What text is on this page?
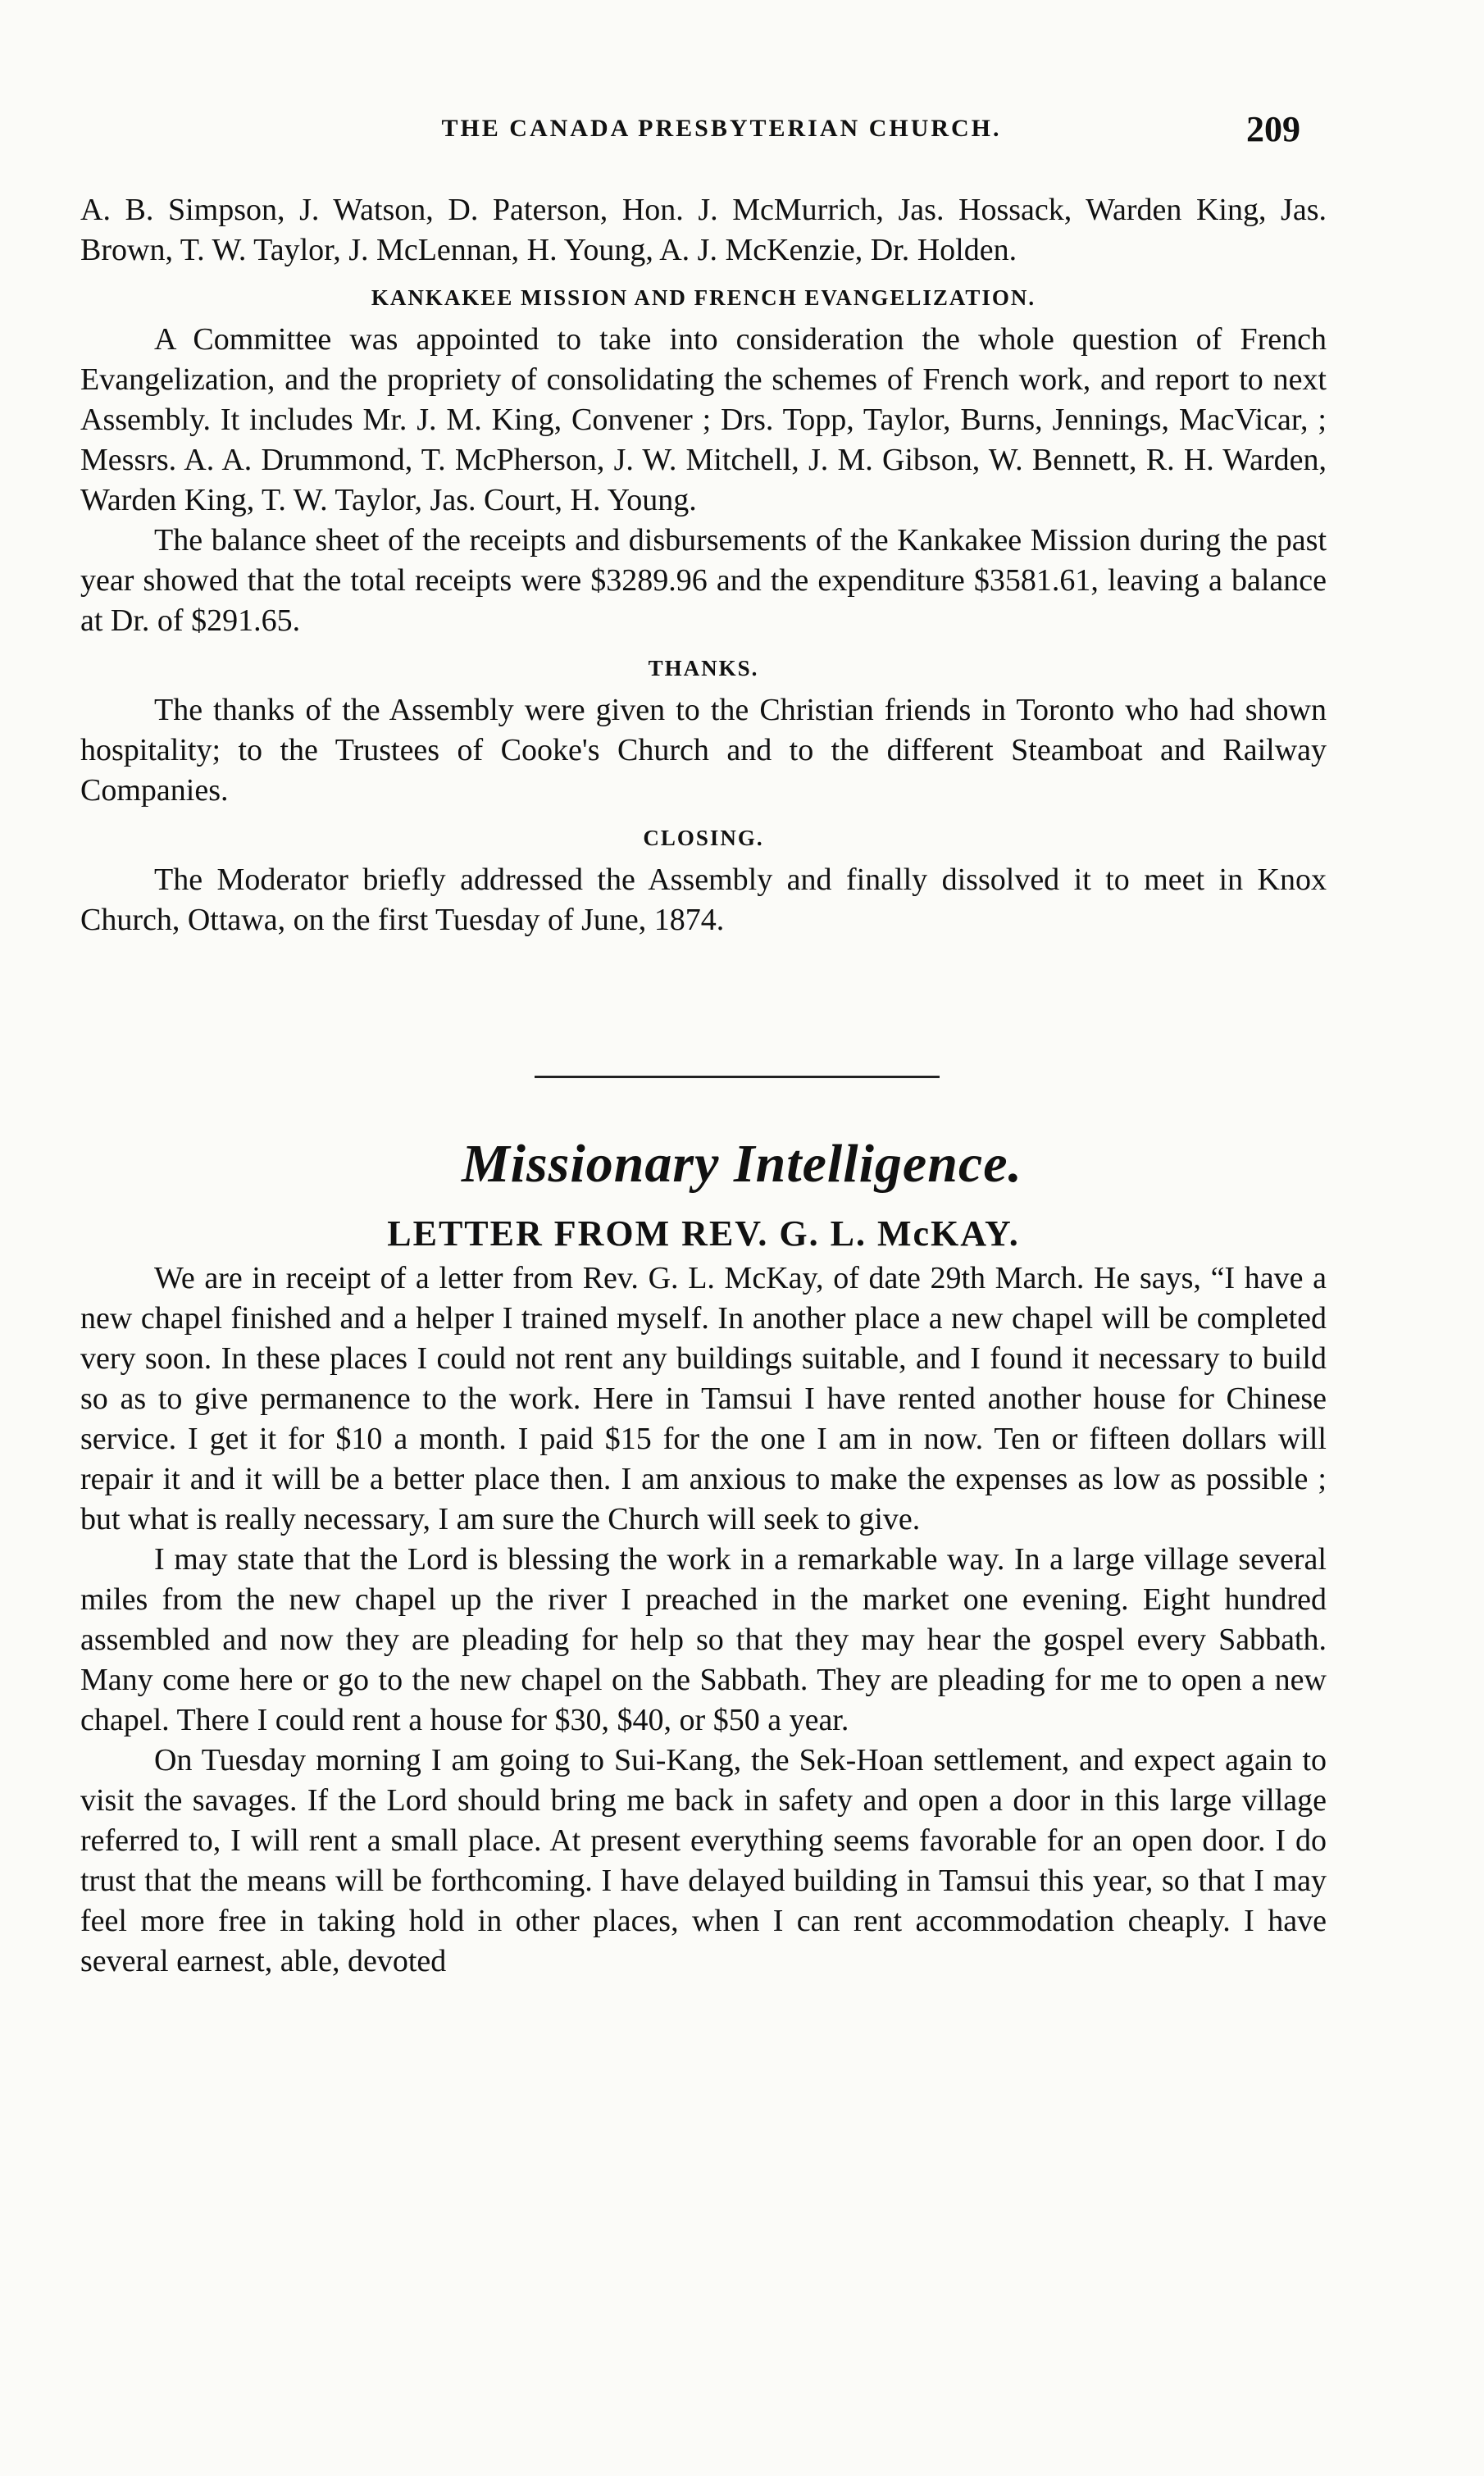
THE CANADA PRESBYTERIAN CHURCH.	209

A. B. Simpson, J. Watson, D. Paterson, Hon. J. McMurrich, Jas. Hossack, Warden King, Jas. Brown, T. W. Taylor, J. McLennan, H. Young, A. J. McKenzie, Dr. Holden.

KANKAKEE MISSION AND FRENCH EVANGELIZATION.

A Committee was appointed to take into consideration the whole question of French Evangelization, and the propriety of consolidating the schemes of French work, and report to next Assembly. It includes Mr. J. M. King, Convener ; Drs. Topp, Taylor, Burns, Jennings, MacVicar, ; Messrs. A. A. Drummond, T. McPherson, J. W. Mitchell, J. M. Gibson, W. Bennett, R. H. Warden, Warden King, T. W. Taylor, Jas. Court, H. Young.

The balance sheet of the receipts and disbursements of the Kankakee Mission during the past year showed that the total receipts were $3289.96 and the expenditure $3581.61, leaving a balance at Dr. of $291.65.

THANKS.

The thanks of the Assembly were given to the Christian friends in Toronto who had shown hospitality; to the Trustees of Cooke's Church and to the different Steamboat and Railway Companies.

CLOSING.

The Moderator briefly addressed the Assembly and finally dissolved it to meet in Knox Church, Ottawa, on the first Tuesday of June, 1874.

Missionary Intelligence.
LETTER FROM REV. G. L. McKAY.

We are in receipt of a letter from Rev. G. L. McKay, of date 29th March. He says, “I have a new chapel finished and a helper I trained myself. In another place a new chapel will be completed very soon. In these places I could not rent any buildings suitable, and I found it necessary to build so as to give permanence to the work. Here in Tamsui I have rented another house for Chinese service. I get it for $10 a month. I paid $15 for the one I am in now. Ten or fifteen dollars will repair it and it will be a better place then. I am anxious to make the expenses as low as possible ; but what is really necessary, I am sure the Church will seek to give.

I may state that the Lord is blessing the work in a remarkable way. In a large village several miles from the new chapel up the river I preached in the market one evening. Eight hundred assembled and now they are pleading for help so that they may hear the gospel every Sabbath. Many come here or go to the new chapel on the Sabbath. They are pleading for me to open a new chapel. There I could rent a house for $30, $40, or $50 a year.

On Tuesday morning I am going to Sui-Kang, the Sek-Hoan settlement, and expect again to visit the savages. If the Lord should bring me back in safety and open a door in this large village referred to, I will rent a small place. At present everything seems favorable for an open door. I do trust that the means will be forthcoming. I have delayed building in Tamsui this year, so that I may feel more free in taking hold in other places, when I can rent accommodation cheaply. I have several earnest, able, devoted
